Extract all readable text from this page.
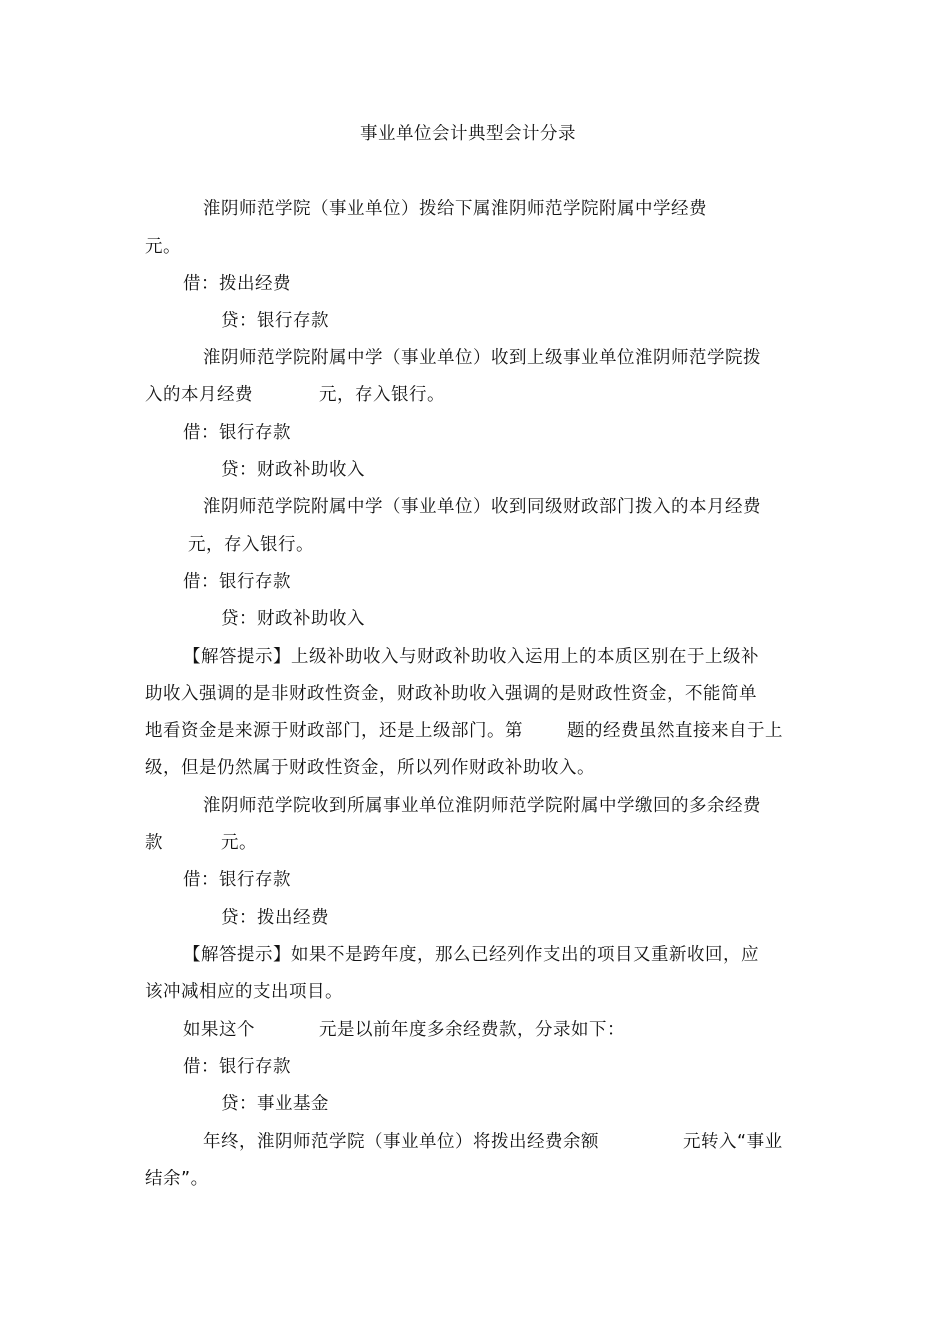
事业单位会计典型会计分录
淮阴师范学院（事业单位）拨给下属淮阴师范学院附属中学经费
元。
借：拨出经费
贷：银行存款
淮阴师范学院附属中学（事业单位）收到上级事业单位淮阴师范学院拨
入的本月经费	元，存入银行。
借：银行存款
贷：财政补助收入
淮阴师范学院附属中学（事业单位）收到同级财政部门拨入的本月经费
元，存入银行。
借：银行存款
贷：财政补助收入
【解答提示】上级补助收入与财政补助收入运用上的本质区别在于上级补
助收入强调的是非财政性资金，财政补助收入强调的是财政性资金，不能简单
地看资金是来源于财政部门，还是上级部门。第	题的经费虽然直接来自于上
级，但是仍然属于财政性资金，所以列作财政补助收入。
淮阴师范学院收到所属事业单位淮阴师范学院附属中学缴回的多余经费
款	元。
借：银行存款
贷：拨出经费
【解答提示】如果不是跨年度，那么已经列作支出的项目又重新收回，应
该冲减相应的支出项目。
如果这个	元是以前年度多余经费款，分录如下：
借：银行存款
贷：事业基金
年终，淮阴师范学院（事业单位）将拨出经费余额	元转入“事业
结余”。
